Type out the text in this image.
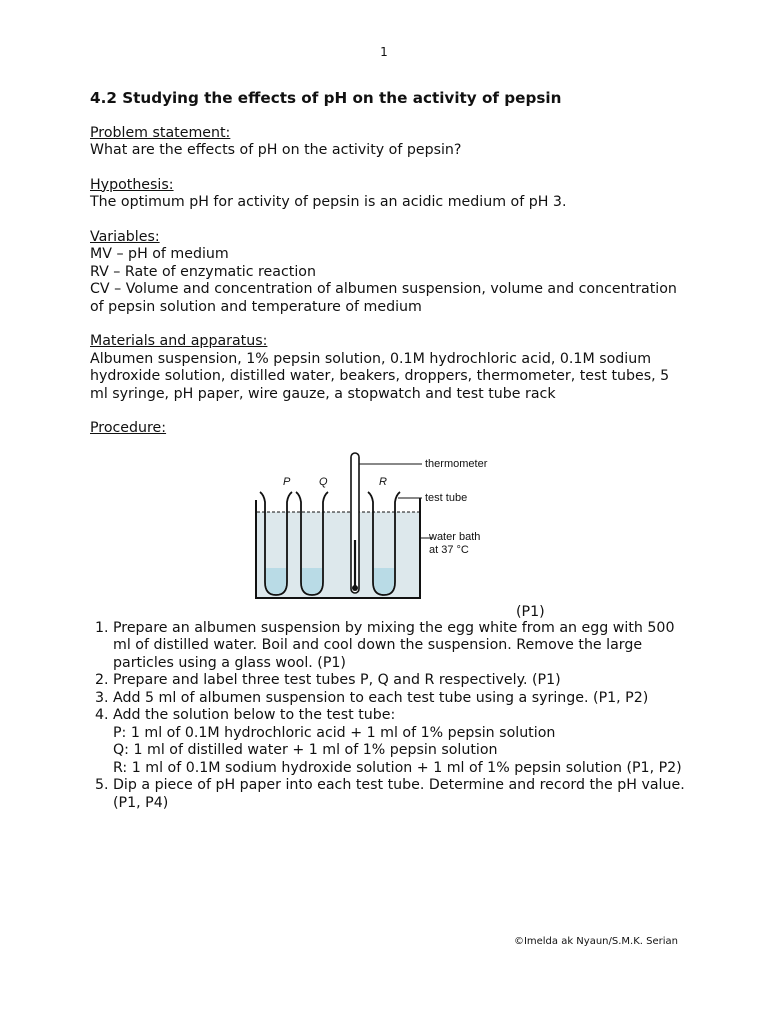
1
4.2 Studying the effects of pH on the activity of pepsin

Problem statement:

What are the effects of pH on the activity of pepsin?

Hypothesis:

The optimum pH for activity of pepsin is an acidic medium of pH 3.

Variables:

MV – pH of medium

RV – Rate of enzymatic reaction

CV – Volume and concentration of albumen suspension, volume and concentration of pepsin solution and temperature of medium

Materials and apparatus:

Albumen suspension, 1% pepsin solution, 0.1M hydrochloric acid, 0.1M sodium hydroxide solution, distilled water, beakers, droppers, thermometer, test tubes, 5 ml syringe, pH paper, wire gauze, a stopwatch and test tube rack

Procedure:

thermometer
test tube
water bath
at 37 °C
P	Q	R
(P1)
1. Prepare an albumen suspension by mixing the egg white from an egg with 500 ml of distilled water. Boil and cool down the suspension. Remove the large particles using a glass wool. (P1)
2. Prepare and label three test tubes P, Q and R respectively. (P1)
3. Add 5 ml of albumen suspension to each test tube using a syringe. (P1, P2)
4. Add the solution below to the test tube:
P: 1 ml of 0.1M hydrochloric acid + 1 ml of 1% pepsin solution
Q: 1 ml of distilled water + 1 ml of 1% pepsin solution
R: 1 ml of 0.1M sodium hydroxide solution + 1 ml of 1% pepsin solution (P1, P2)
5. Dip a piece of pH paper into each test tube. Determine and record the pH value. (P1, P4)
©Imelda ak Nyaun/S.M.K. Serian
